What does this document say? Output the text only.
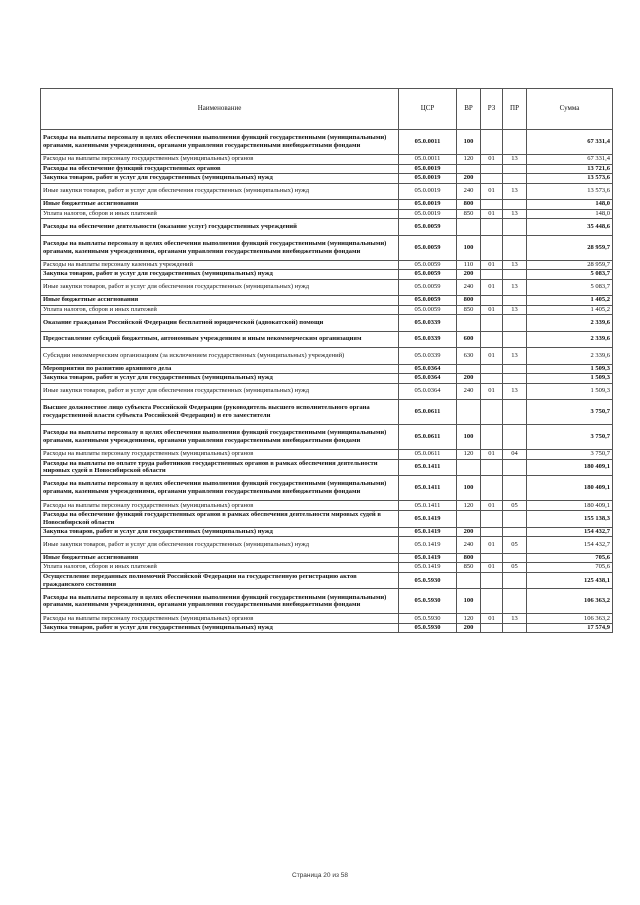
Наименование	ЦСР	ВР	РЗ	ПР	Сумма
Расходы на выплаты персоналу в целях обеспечения выполнения функций государственными (муниципальными) органами, казенными учреждениями, органами управления государственными внебюджетными фондами	05.0.0011	100			67 331,4
Расходы на выплаты персоналу государственных (муниципальных) органов	05.0.0011	120	01	13	67 331,4
Расходы на обеспечение функций государственных органов	05.0.0019				13 721,6
Закупка товаров, работ и услуг для государственных (муниципальных) нужд	05.0.0019	200			13 573,6
Иные закупки товаров, работ и услуг для обеспечения государственных (муниципальных) нужд	05.0.0019	240	01	13	13 573,6
Иные бюджетные ассигнования	05.0.0019	800			148,0
Уплата налогов, сборов и иных платежей	05.0.0019	850	01	13	148,0
Расходы на обеспечение деятельности (оказание услуг) государственных учреждений	05.0.0059				35 448,6
Расходы на выплаты персоналу в целях обеспечения выполнения функций государственными (муниципальными) органами, казенными учреждениями, органами управления государственными внебюджетными фондами	05.0.0059	100			28 959,7
Расходы на выплаты персоналу казенных учреждений	05.0.0059	110	01	13	28 959,7
Закупка товаров, работ и услуг для государственных (муниципальных) нужд	05.0.0059	200			5 083,7
Иные закупки товаров, работ и услуг для обеспечения государственных (муниципальных) нужд	05.0.0059	240	01	13	5 083,7
Иные бюджетные ассигнования	05.0.0059	800			1 405,2
Уплата налогов, сборов и иных платежей	05.0.0059	850	01	13	1 405,2
Оказание гражданам Российской Федерации бесплатной юридической (адвокатской) помощи	05.0.0339				2 339,6
Предоставление субсидий бюджетным, автономным учреждениям и иным некоммерческим организациям	05.0.0339	600			2 339,6
Субсидии некоммерческим организациям (за исключением государственных (муниципальных) учреждений)	05.0.0339	630	01	13	2 339,6
Мероприятия по развитию архивного дела	05.0.0364				1 509,3
Закупка товаров, работ и услуг для государственных (муниципальных) нужд	05.0.0364	200			1 509,3
Иные закупки товаров, работ и услуг для обеспечения государственных (муниципальных) нужд	05.0.0364	240	01	13	1 509,3
Высшее должностное лицо субъекта Российской Федерации (руководитель высшего исполнительного органа государственной власти субъекта Российской Федерации) и его заместители	05.0.0611				3 750,7
Расходы на выплаты персоналу в целях обеспечения выполнения функций государственными (муниципальными) органами, казенными учреждениями, органами управления государственными внебюджетными фондами	05.0.0611	100			3 750,7
Расходы на выплаты персоналу государственных (муниципальных) органов	05.0.0611	120	01	04	3 750,7
Расходы на выплаты по оплате труда работников государственных органов в рамках обеспечения деятельности мировых судей в Новосибирской области	05.0.1411				180 409,1
Расходы на выплаты персоналу в целях обеспечения выполнения функций государственными (муниципальными) органами, казенными учреждениями, органами управления государственными внебюджетными фондами	05.0.1411	100			180 409,1
Расходы на выплаты персоналу государственных (муниципальных) органов	05.0.1411	120	01	05	180 409,1
Расходы на обеспечение функций государственных органов в рамках обеспечения деятельности мировых судей в Новосибирской области	05.0.1419				155 138,3
Закупка товаров, работ и услуг для государственных (муниципальных) нужд	05.0.1419	200			154 432,7
Иные закупки товаров, работ и услуг для обеспечения государственных (муниципальных) нужд	05.0.1419	240	01	05	154 432,7
Иные бюджетные ассигнования	05.0.1419	800			705,6
Уплата налогов, сборов и иных платежей	05.0.1419	850	01	05	705,6
Осуществление переданных полномочий Российской Федерации на государственную регистрацию актов гражданского состояния	05.0.5930				125 438,1
Расходы на выплаты персоналу в целях обеспечения выполнения функций государственными (муниципальными) органами, казенными учреждениями, органами управления государственными внебюджетными фондами	05.0.5930	100			106 363,2
Расходы на выплаты персоналу государственных (муниципальных) органов	05.0.5930	120	01	13	106 363,2
Закупка товаров, работ и услуг для государственных (муниципальных) нужд	05.0.5930	200			17 574,9
Страница 20 из 58
